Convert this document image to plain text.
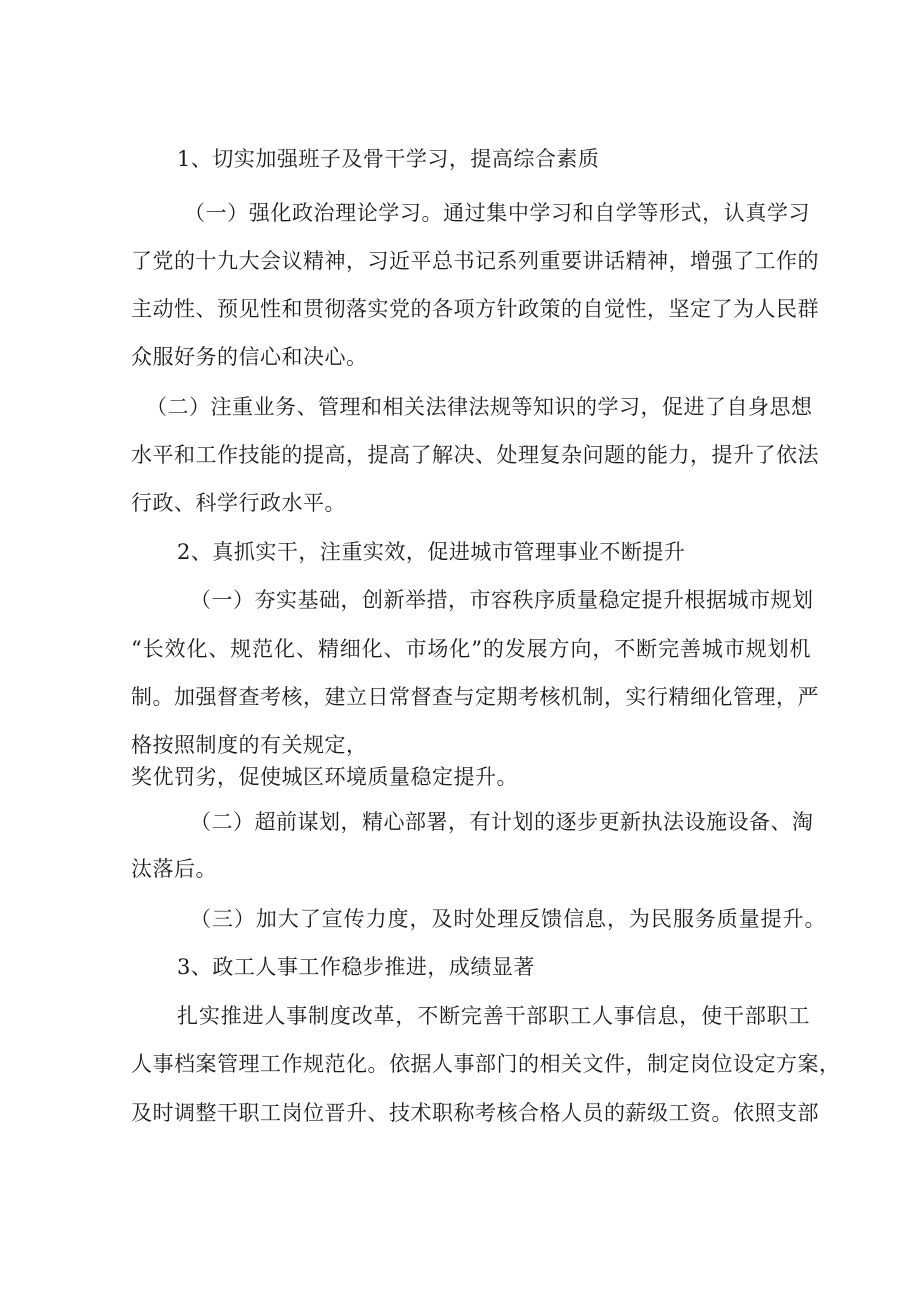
1、切实加强班子及骨干学习，提高综合素质
（一）强化政治理论学习。通过集中学习和自学等形式，认真学习
了党的十九大会议精神，习近平总书记系列重要讲话精神，增强了工作的
主动性、预见性和贯彻落实党的各项方针政策的自觉性，坚定了为人民群
众服好务的信心和决心。
（二）注重业务、管理和相关法律法规等知识的学习，促进了自身思想
水平和工作技能的提高，提高了解决、处理复杂问题的能力，提升了依法
行政、科学行政水平。
2、真抓实干，注重实效，促进城市管理事业不断提升
（一）夯实基础，创新举措，市容秩序质量稳定提升根据城市规划
“长效化、规范化、精细化、市场化”的发展方向，不断完善城市规划机
制。加强督查考核，建立日常督查与定期考核机制，实行精细化管理，严
格按照制度的有关规定，
奖优罚劣，促使城区环境质量稳定提升。
（二）超前谋划，精心部署，有计划的逐步更新执法设施设备、淘
汰落后。
（三）加大了宣传力度，及时处理反馈信息，为民服务质量提升。
3、政工人事工作稳步推进，成绩显著
扎实推进人事制度改革，不断完善干部职工人事信息，使干部职工
人事档案管理工作规范化。依据人事部门的相关文件，制定岗位设定方案，
及时调整干职工岗位晋升、技术职称考核合格人员的薪级工资。依照支部
